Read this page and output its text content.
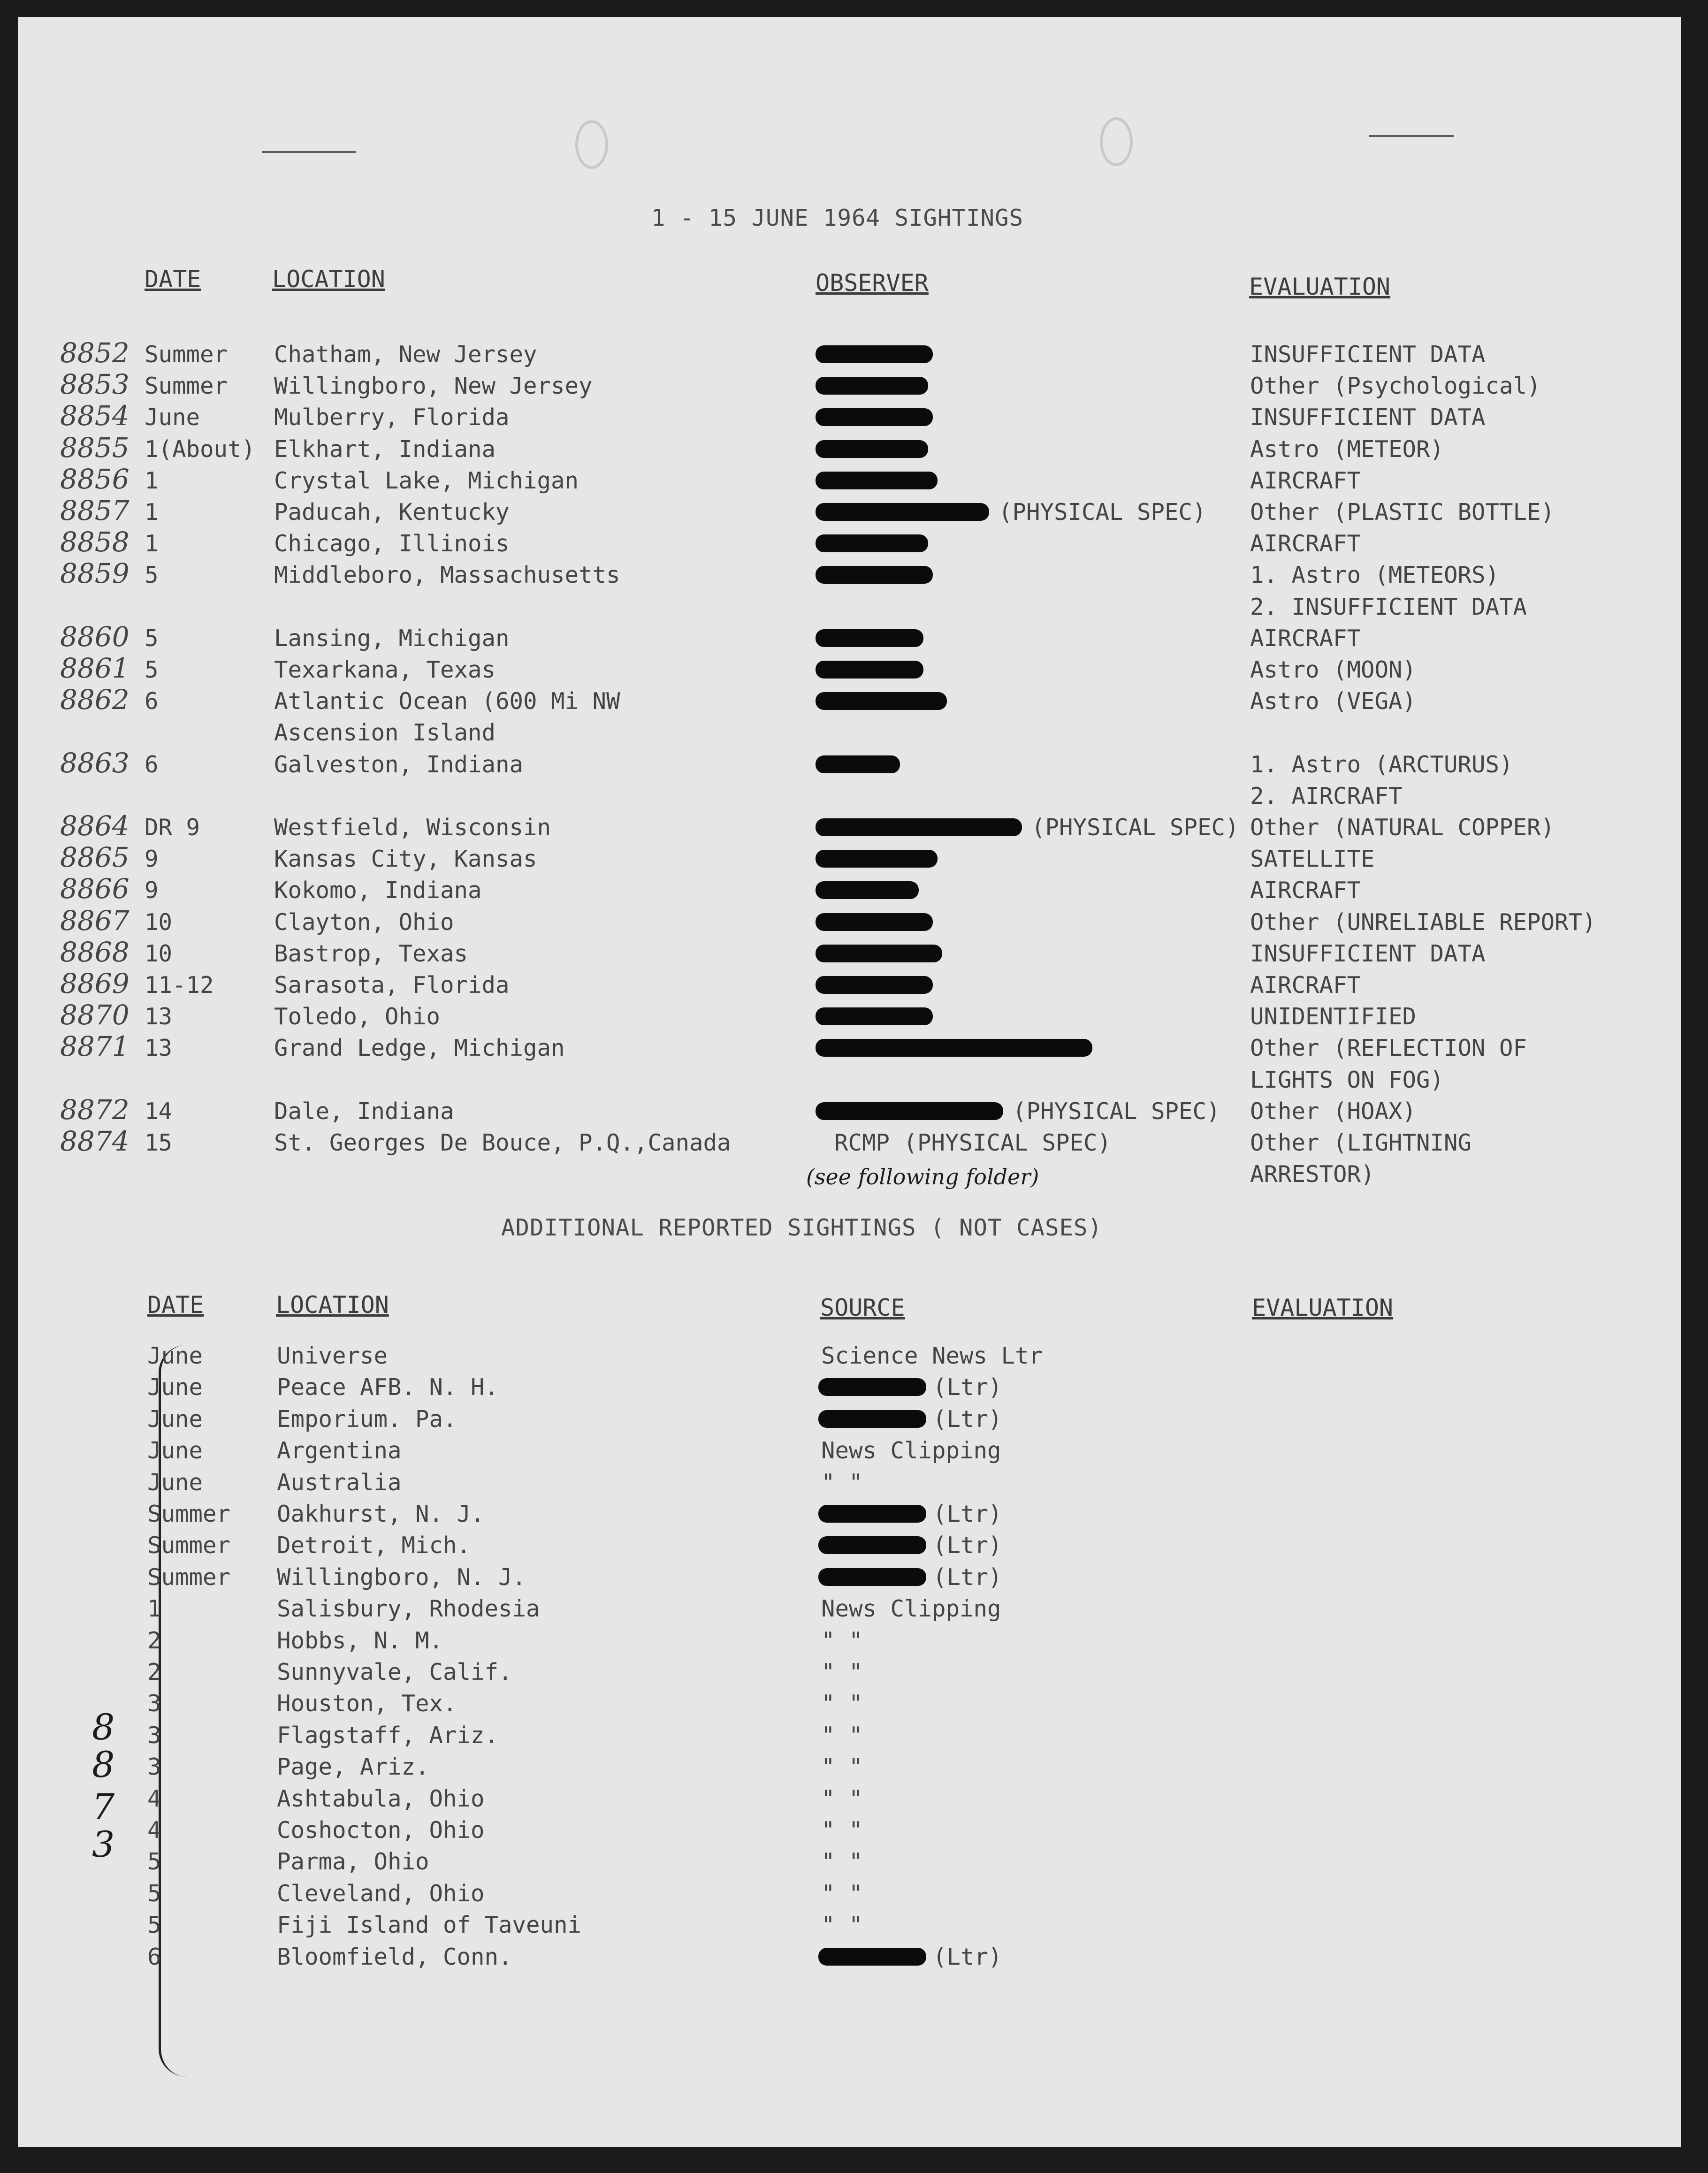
1 - 15 JUNE 1964 SIGHTINGS
DATE	LOCATION	OBSERVER	EVALUATION
8852 Summer Chatham, New Jersey	INSUFFICIENT DATA
8853 Summer Willingboro, New Jersey	Other (Psychological)
8854 June	Mulberry, Florida	INSUFFICIENT DATA
8855 1(About) Elkhart, Indiana	Astro (METEOR)
8856 1	Crystal Lake, Michigan	AIRCRAFT
8857 1	Paducah, Kentucky	(PHYSICAL SPEC) Other (PLASTIC BOTTLE)
8858 1	Chicago, Illinois	AIRCRAFT
8859 5	Middleboro, Massachusetts	1. Astro (METEORS)
2. INSUFFICIENT DATA
8860 5	Lansing, Michigan	AIRCRAFT
8861 5	Texarkana, Texas	Astro (MOON)
8862 6	Atlantic Ocean (600 Mi NW	Astro (VEGA)
Ascension Island
8863 6	Galveston, Indiana	1. Astro (ARCTURUS)
2. AIRCRAFT
8864 DR 9	Westfield, Wisconsin	(PHYSICAL SPEC) Other (NATURAL COPPER)
8865 9	Kansas City, Kansas	SATELLITE
8866 9	Kokomo, Indiana	AIRCRAFT
8867 10	Clayton, Ohio	Other (UNRELIABLE REPORT)
8868 10	Bastrop, Texas	INSUFFICIENT DATA
8869 11-12	Sarasota, Florida	AIRCRAFT
8870 13	Toledo, Ohio	UNIDENTIFIED
8871 13	Grand Ledge, Michigan	Other (REFLECTION OF
LIGHTS ON FOG)
8872 14	Dale, Indiana	(PHYSICAL SPEC) Other (HOAX)
8874 15	St. Georges De Bouce, P.Q.,Canada	RCMP (PHYSICAL SPEC)	Other (LIGHTNING
ARRESTOR)
(see following folder)
ADDITIONAL REPORTED SIGHTINGS ( NOT CASES)
DATE	LOCATION	SOURCE	EVALUATION
8
8
7
3
June	Universe	Science News Ltr
June	Peace AFB. N. H.	(Ltr)
June	Emporium. Pa.	(Ltr)
June	Argentina	News Clipping
June	Australia	" "
Summer Oakhurst, N. J.	(Ltr)
Summer Detroit, Mich.	(Ltr)
Summer Willingboro, N. J.	(Ltr)
1	Salisbury, Rhodesia	News Clipping
2	Hobbs, N. M.	" "
2	Sunnyvale, Calif.	" "
3	Houston, Tex.	" "
3	Flagstaff, Ariz.	" "
3	Page, Ariz.	" "
4	Ashtabula, Ohio	" "
4	Coshocton, Ohio	" "
5	Parma, Ohio	" "
5	Cleveland, Ohio	" "
5	Fiji Island of Taveuni	" "
6	Bloomfield, Conn.	(Ltr)
